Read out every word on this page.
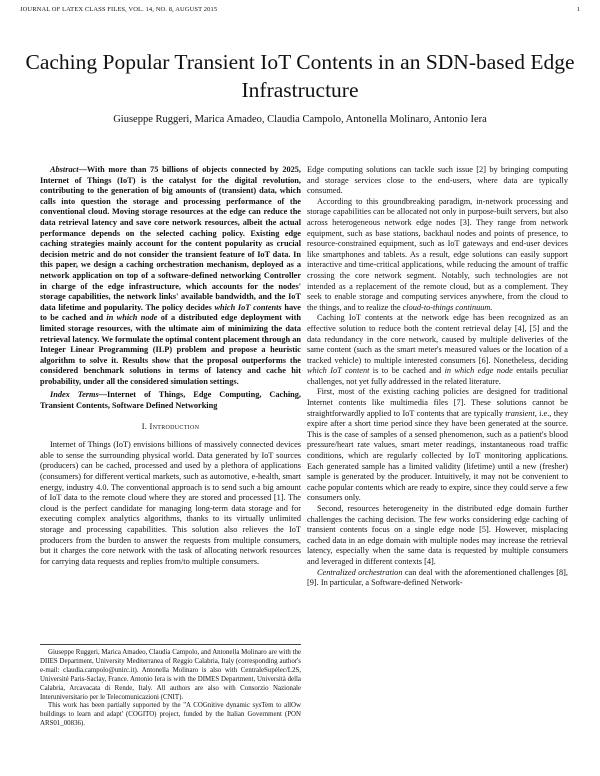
JOURNAL OF LATEX CLASS FILES, VOL. 14, NO. 8, AUGUST 2015	1
Caching Popular Transient IoT Contents in an SDN-based Edge Infrastructure
Giuseppe Ruggeri, Marica Amadeo, Claudia Campolo, Antonella Molinaro, Antonio Iera

Abstract—With more than 75 billions of objects connected by 2025, Internet of Things (IoT) is the catalyst for the digital revolution, contributing to the generation of big amounts of (transient) data, which calls into question the storage and processing performance of the conventional cloud. Moving storage resources at the edge can reduce the data retrieval latency and save core network resources, albeit the actual performance depends on the selected caching policy. Existing edge caching strategies mainly account for the content popularity as crucial decision metric and do not consider the transient feature of IoT data. In this paper, we design a caching orchestration mechanism, deployed as a network application on top of a software-defined networking Controller in charge of the edge infrastructure, which accounts for the nodes' storage capabilities, the network links' available bandwidth, and the IoT data lifetime and popularity. The policy decides which IoT contents have to be cached and in which node of a distributed edge deployment with limited storage resources, with the ultimate aim of minimizing the data retrieval latency. We formulate the optimal content placement through an Integer Linear Programming (ILP) problem and propose a heuristic algorithm to solve it. Results show that the proposal outperforms the considered benchmark solutions in terms of latency and cache hit probability, under all the considered simulation settings.

Index Terms—Internet of Things, Edge Computing, Caching, Transient Contents, Software Defined Networking

I. Introduction

Internet of Things (IoT) envisions billions of massively connected devices able to sense the surrounding physical world. Data generated by IoT sources (producers) can be cached, processed and used by a plethora of applications (consumers) for different vertical markets, such as automotive, e-health, smart energy, industry 4.0. The conventional approach is to send such a big amount of IoT data to the remote cloud where they are stored and processed [1]. The cloud is the perfect candidate for managing long-term data storage and for executing complex analytics algorithms, thanks to its virtually unlimited storage and processing capabilities. This solution also relieves the IoT producers from the burden to answer the requests from multiple consumers, but it charges the core network with the task of allocating network resources for carrying data requests and replies from/to multiple consumers.

Giuseppe Ruggeri, Marica Amadeo, Claudia Campolo, and Antonella Molinaro are with the DIIES Department, University Mediterranea of Reggio Calabria, Italy (corresponding author's e-mail: claudia.campolo@unirc.it). Antonella Molinaro is also with CentraleSupélec/L2S, Université Paris-Saclay, France. Antonio Iera is with the DIMES Department, Università della Calabria, Arcavacata di Rende, Italy. All authors are also with Consorzio Nazionale Interuniversitario per le Telecomunicazioni (CNIT).

This work has been partially supported by the "A COGnitive dynamic sysTem to allOw buildings to learn and adapt' (COGITO) project, funded by the Italian Government (PON ARS01_00836).

Edge computing solutions can tackle such issue [2] by bringing computing and storage services close to the end-users, where data are typically consumed.

According to this groundbreaking paradigm, in-network processing and storage capabilities can be allocated not only in purpose-built servers, but also across heterogeneous network edge nodes [3]. They range from network equipment, such as base stations, backhaul nodes and points of presence, to resource-constrained equipment, such as IoT gateways and end-user devices like smartphones and tablets. As a result, edge solutions can easily support interactive and time-critical applications, while reducing the amount of traffic crossing the core network segment. Notably, such technologies are not intended as a replacement of the remote cloud, but as a complement. They seek to enable storage and computing services anywhere, from the cloud to the things, and to realize the cloud-to-things continuum.

Caching IoT contents at the network edge has been recognized as an effective solution to reduce both the content retrieval delay [4], [5] and the data redundancy in the core network, caused by multiple deliveries of the same content (such as the smart meter's measured values or the location of a tracked vehicle) to multiple interested consumers [6]. Nonetheless, deciding which IoT content is to be cached and in which edge node entails peculiar challenges, not yet fully addressed in the related literature.

First, most of the existing caching policies are designed for traditional Internet contents like multimedia files [7]. These solutions cannot be straightforwardly applied to IoT contents that are typically transient, i.e., they expire after a short time period since they have been generated at the source. This is the case of samples of a sensed phenomenon, such as a patient's blood pressure/heart rate values, smart meter readings, instantaneous road traffic conditions, which are regularly collected by IoT monitoring applications. Each generated sample has a limited validity (lifetime) until a new (fresher) sample is generated by the producer. Intuitively, it may not be convenient to cache popular contents which are ready to expire, since they could serve a few consumers only.

Second, resources heterogeneity in the distributed edge domain further challenges the caching decision. The few works considering edge caching of transient contents focus on a single edge node [5]. However, misplacing cached data in an edge domain with multiple nodes may increase the retrieval latency, especially when the same data is requested by multiple consumers and leveraged in different contexts [4].

Centralized orchestration can deal with the aforementioned challenges [8], [9]. In particular, a Software-defined Network-
